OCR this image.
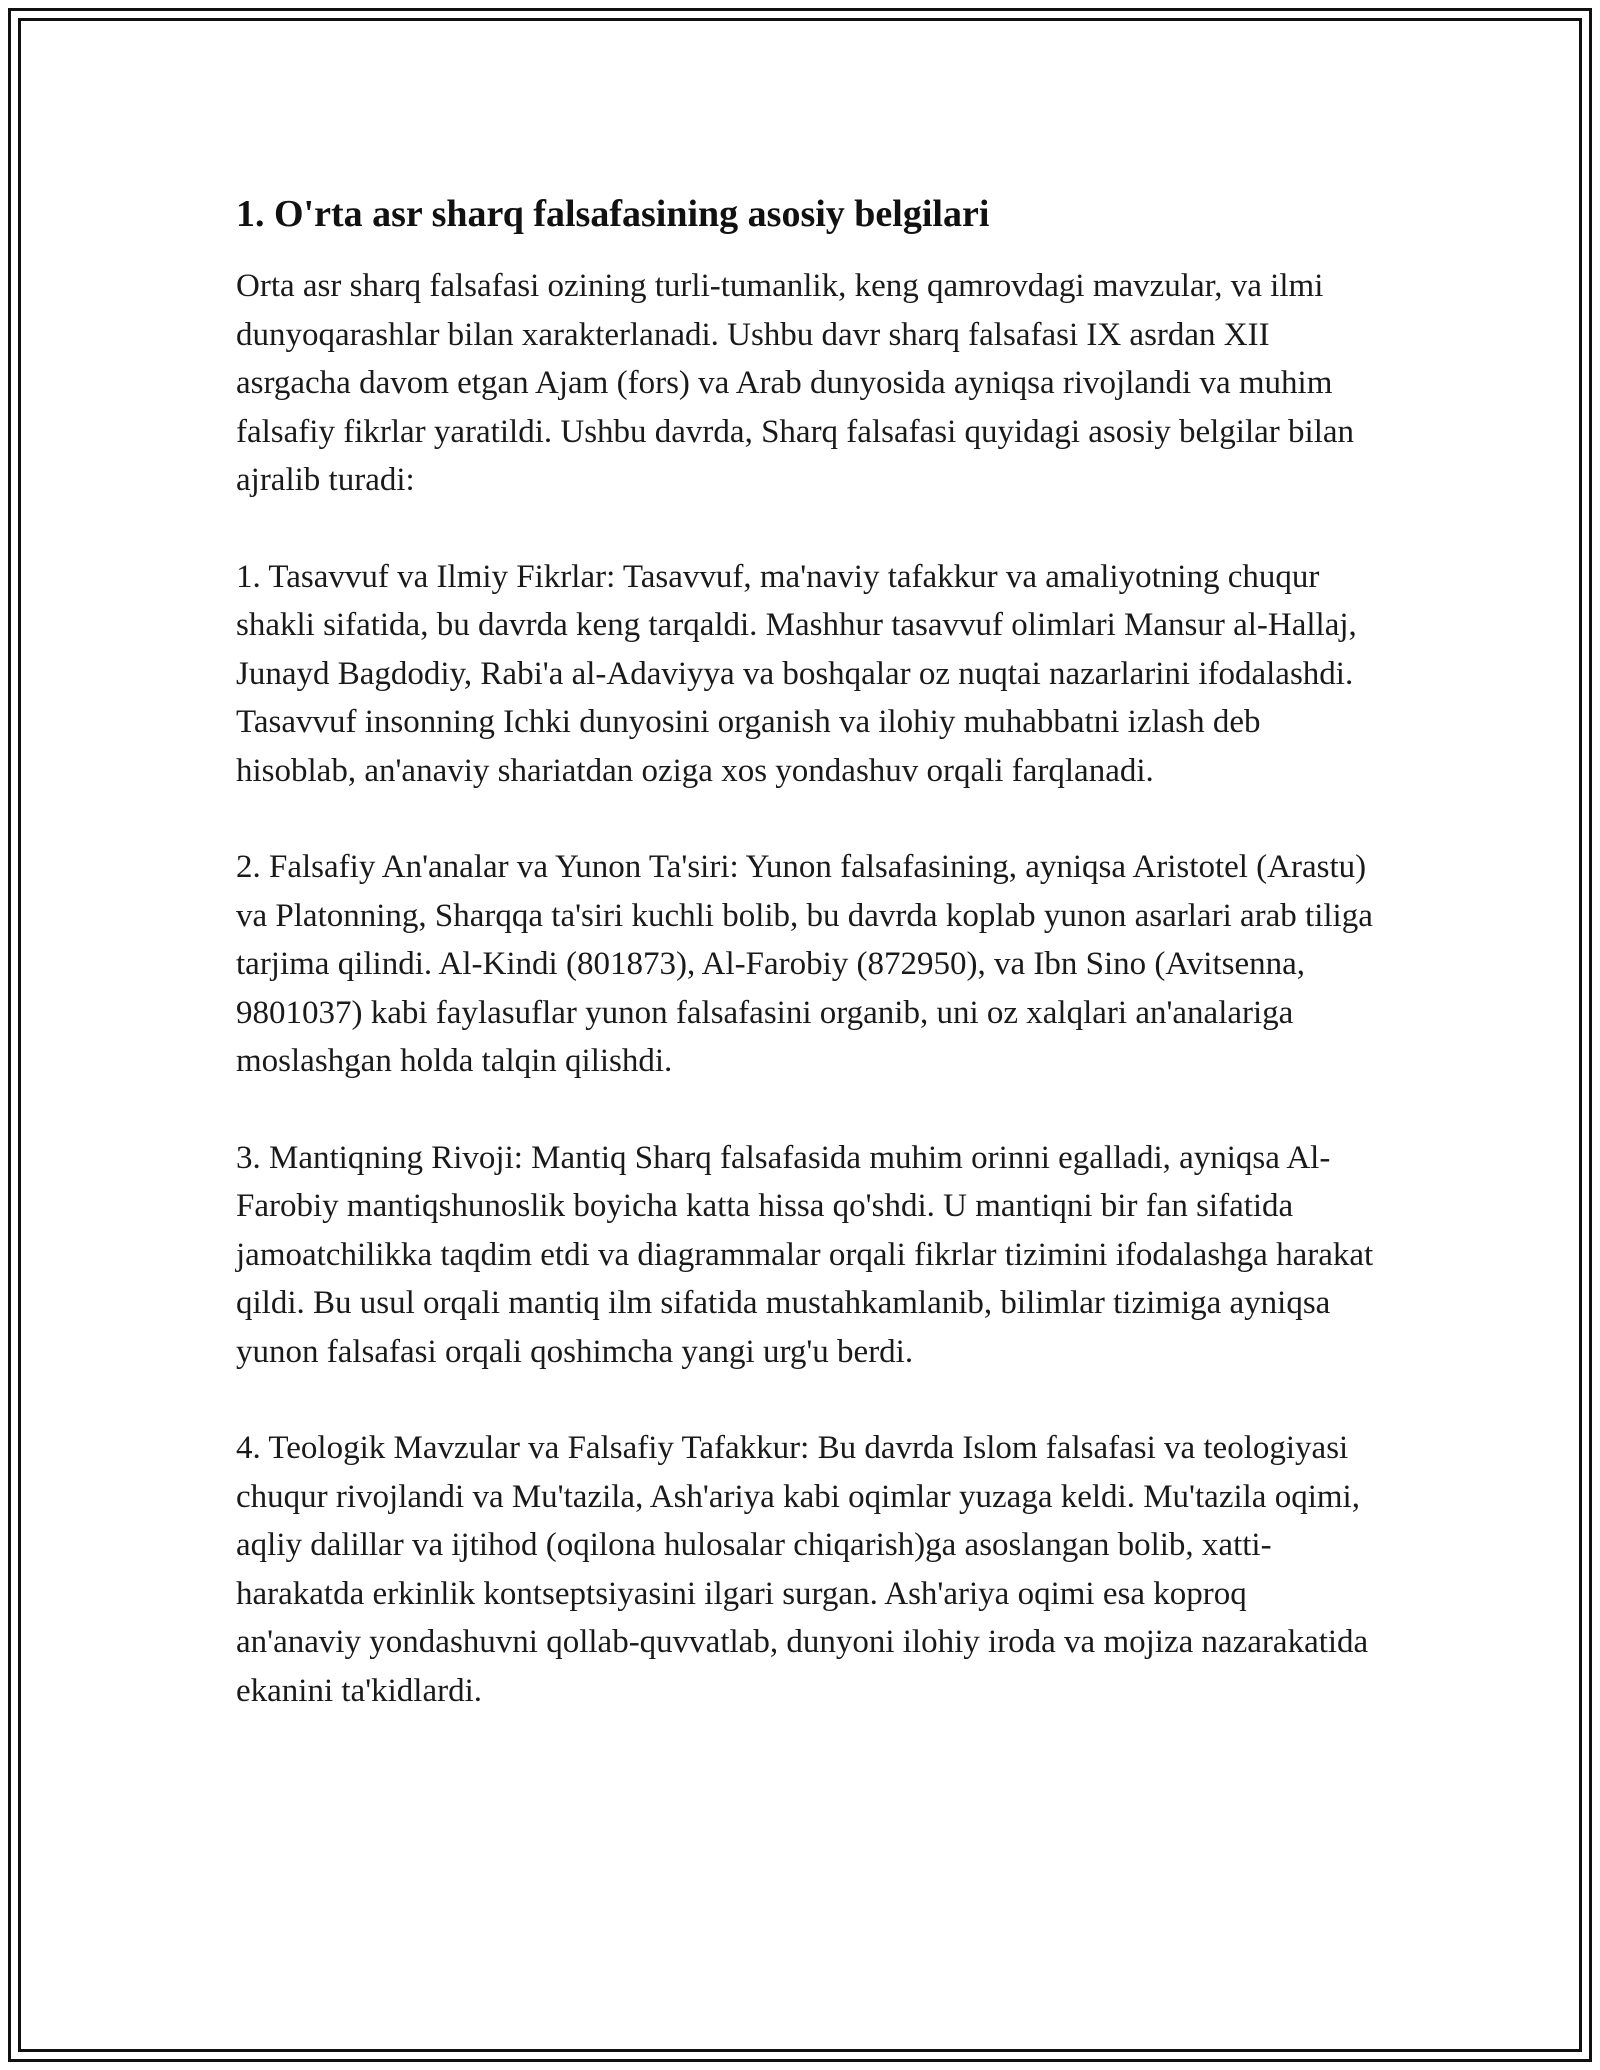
1. O'rta asr sharq falsafasining asosiy belgilari

Orta asr sharq falsafasi ozining turli-tumanlik, keng qamrovdagi mavzular, va ilmi dunyoqarashlar bilan xarakterlanadi. Ushbu davr sharq falsafasi IX asrdan XII asrgacha davom etgan Ajam (fors) va Arab dunyosida ayniqsa rivojlandi va muhim falsafiy fikrlar yaratildi. Ushbu davrda, Sharq falsafasi quyidagi asosiy belgilar bilan ajralib turadi:

1. Tasavvuf va Ilmiy Fikrlar: Tasavvuf, ma'naviy tafakkur va amaliyotning chuqur shakli sifatida, bu davrda keng tarqaldi. Mashhur tasavvuf olimlari Mansur al-Hallaj, Junayd Bagdodiy, Rabi'a al-Adaviyya va boshqalar oz nuqtai nazarlarini ifodalashdi. Tasavvuf insonning Ichki dunyosini organish va ilohiy muhabbatni izlash deb hisoblab, an'anaviy shariatdan oziga xos yondashuv orqali farqlanadi.

2. Falsafiy An'analar va Yunon Ta'siri: Yunon falsafasining, ayniqsa Aristotel (Arastu) va Platonning, Sharqqa ta'siri kuchli bolib, bu davrda koplab yunon asarlari arab tiliga tarjima qilindi. Al-Kindi (801873), Al-Farobiy (872950), va Ibn Sino (Avitsenna, 9801037) kabi faylasuflar yunon falsafasini organib, uni oz xalqlari an'analariga moslashgan holda talqin qilishdi.

3. Mantiqning Rivoji: Mantiq Sharq falsafasida muhim orinni egalladi, ayniqsa Al-Farobiy mantiqshunoslik boyicha katta hissa qo'shdi. U mantiqni bir fan sifatida jamoatchilikka taqdim etdi va diagrammalar orqali fikrlar tizimini ifodalashga harakat qildi. Bu usul orqali mantiq ilm sifatida mustahkamlanib, bilimlar tizimiga ayniqsa yunon falsafasi orqali qoshimcha yangi urg'u berdi.

4. Teologik Mavzular va Falsafiy Tafakkur: Bu davrda Islom falsafasi va teologiyasi chuqur rivojlandi va Mu'tazila, Ash'ariya kabi oqimlar yuzaga keldi. Mu'tazila oqimi, aqliy dalillar va ijtihod (oqilona hulosalar chiqarish)ga asoslangan bolib, xatti-harakatda erkinlik kontseptsiyasini ilgari surgan. Ash'ariya oqimi esa koproq an'anaviy yondashuvni qollab-quvvatlab, dunyoni ilohiy iroda va mojiza nazarakatida ekanini ta'kidlardi.
